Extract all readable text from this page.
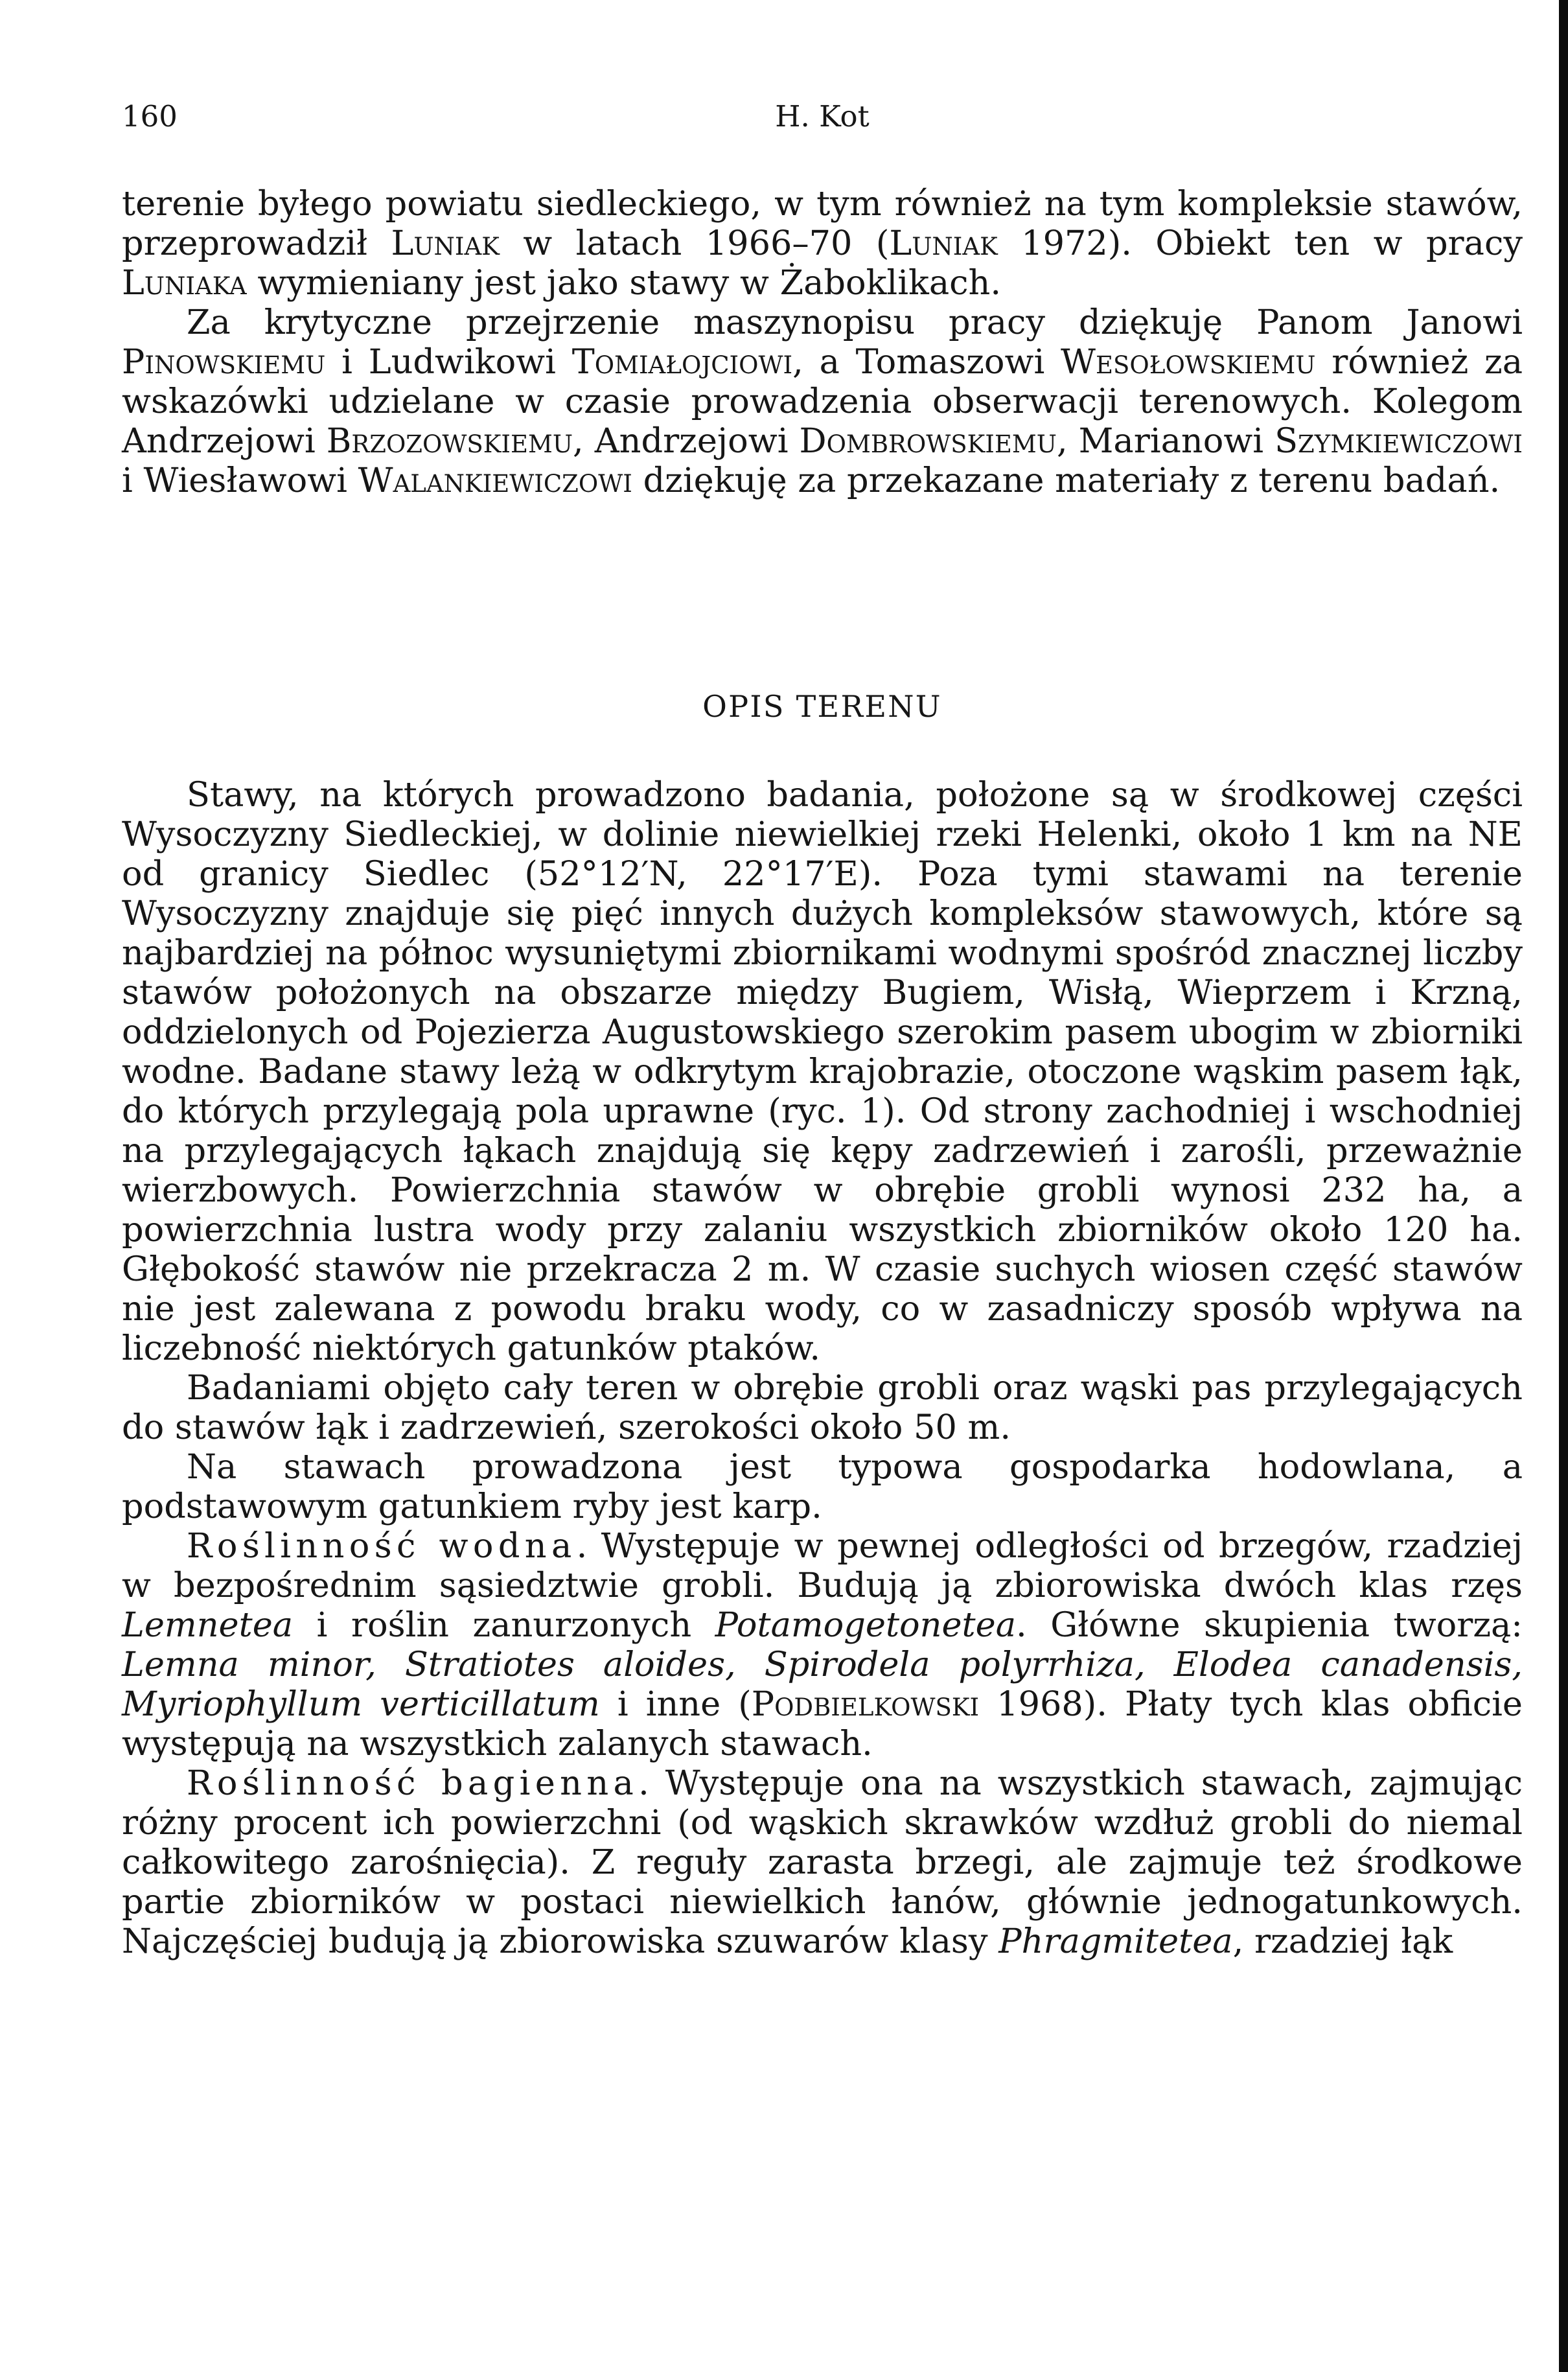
160	H. Kot

terenie byłego powiatu siedleckiego, w tym również na tym kompleksie stawów, przeprowadził Luniak w latach 1966–70 (Luniak 1972). Obiekt ten w pracy Luniaka wymieniany jest jako stawy w Żaboklikach.

Za krytyczne przejrzenie maszynopisu pracy dziękuję Panom Janowi Pinowskiemu i Ludwikowi Tomiałojciowi, a Tomaszowi Wesołowskiemu również za wskazówki udzielane w czasie prowadzenia obserwacji terenowych. Kolegom Andrzejowi Brzozowskiemu, Andrzejowi Dombrowskiemu, Marianowi Szymkiewiczowi i Wiesławowi Walankiewiczowi dziękuję za przekazane materiały z terenu badań.

OPIS TERENU

Stawy, na których prowadzono badania, położone są w środkowej części Wysoczyzny Siedleckiej, w dolinie niewielkiej rzeki Helenki, około 1 km na NE od granicy Siedlec (52°12′N, 22°17′E). Poza tymi stawami na terenie Wysoczyzny znajduje się pięć innych dużych kompleksów stawowych, które są najbardziej na północ wysuniętymi zbiornikami wodnymi spośród znacznej liczby stawów położonych na obszarze między Bugiem, Wisłą, Wieprzem i Krzną, oddzielonych od Pojezierza Augustowskiego szerokim pasem ubogim w zbiorniki wodne. Badane stawy leżą w odkrytym krajobrazie, otoczone wąskim pasem łąk, do których przylegają pola uprawne (ryc. 1). Od strony zachodniej i wschodniej na przylegających łąkach znajdują się kępy zadrzewień i zarośli, przeważnie wierzbowych. Powierzchnia stawów w obrębie grobli wynosi 232 ha, a powierzchnia lustra wody przy zalaniu wszystkich zbiorników około 120 ha. Głębokość stawów nie przekracza 2 m. W czasie suchych wiosen część stawów nie jest zalewana z powodu braku wody, co w zasadniczy sposób wpływa na liczebność niektórych gatunków ptaków.

Badaniami objęto cały teren w obrębie grobli oraz wąski pas przylegających do stawów łąk i zadrzewień, szerokości około 50 m.

Na stawach prowadzona jest typowa gospodarka hodowlana, a podstawowym gatunkiem ryby jest karp.

Roślinność wodna. Występuje w pewnej odległości od brzegów, rzadziej w bezpośrednim sąsiedztwie grobli. Budują ją zbiorowiska dwóch klas rzęs Lemnetea i roślin zanurzonych Potamogetonetea. Główne skupienia tworzą: Lemna minor, Stratiotes aloides, Spirodela polyrrhiza, Elodea canadensis, Myriophyllum verticillatum i inne (Podbielkowski 1968). Płaty tych klas obficie występują na wszystkich zalanych stawach.

Roślinność bagienna. Występuje ona na wszystkich stawach, zajmując różny procent ich powierzchni (od wąskich skrawków wzdłuż grobli do niemal całkowitego zarośnięcia). Z reguły zarasta brzegi, ale zajmuje też środkowe partie zbiorników w postaci niewielkich łanów, głównie jednogatunkowych. Najczęściej budują ją zbiorowiska szuwarów klasy Phragmitetea, rzadziej łąk
